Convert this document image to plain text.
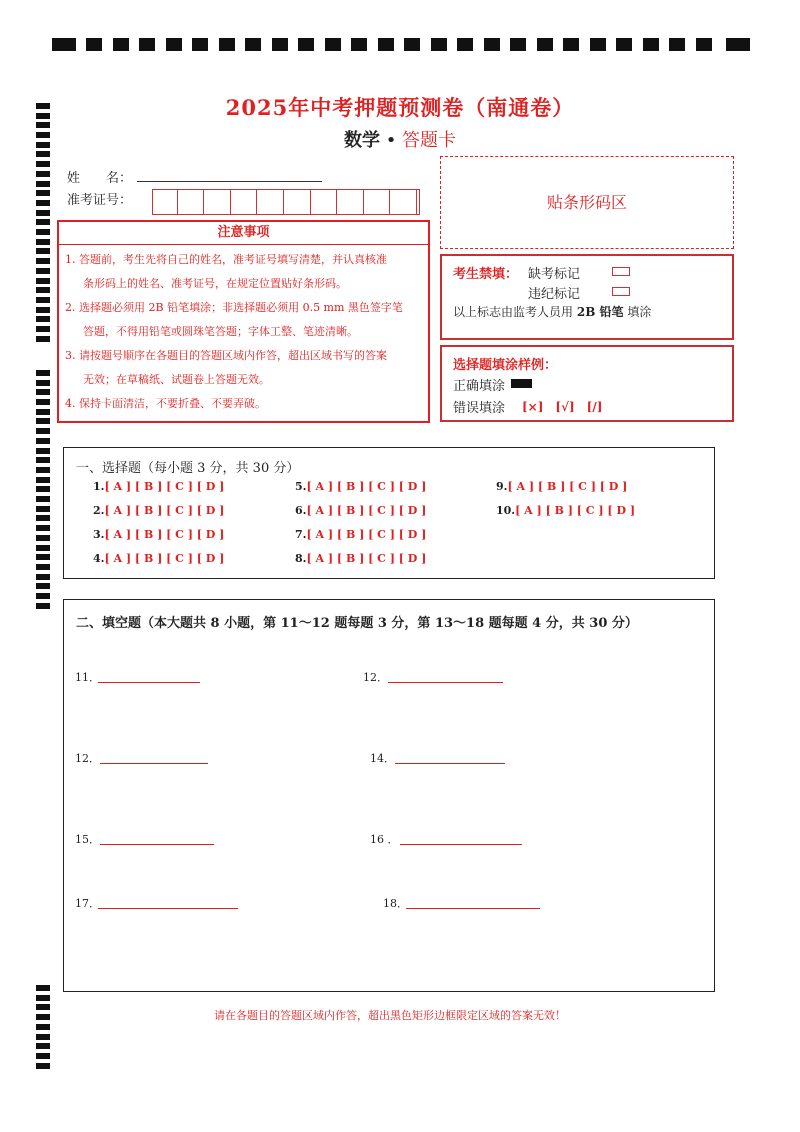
2025年中考押题预测卷（南通卷）
数学 • 答题卡
姓　　名：
准考证号：
注意事项
1. 答题前，考生先将自己的姓名，准考证号填写清楚，并认真核准
条形码上的姓名、准考证号，在规定位置贴好条形码。
2. 选择题必须用 2B 铅笔填涂；非选择题必须用 0.5 mm 黑色签字笔
答题，不得用铅笔或圆珠笔答题；字体工整、笔迹清晰。
3. 请按题号顺序在各题目的答题区域内作答，超出区域书写的答案
无效；在草稿纸、试题卷上答题无效。
4. 保持卡面清洁，不要折叠、不要弄破。
贴条形码区
考生禁填： 缺考标记
违纪标记
以上标志由监考人员用 2B 铅笔 填涂
选择题填涂样例：
正确填涂
错误填涂 [×]　[√]　[/]
一、选择题（每小题 3 分，共 30 分）
1.[ A ] [ B ] [ C ] [ D ]
2.[ A ] [ B ] [ C ] [ D ]
3.[ A ] [ B ] [ C ] [ D ]
4.[ A ] [ B ] [ C ] [ D ]
5.[ A ] [ B ] [ C ] [ D ]
6.[ A ] [ B ] [ C ] [ D ]
7.[ A ] [ B ] [ C ] [ D ]
8.[ A ] [ B ] [ C ] [ D ]
9.[ A ] [ B ] [ C ] [ D ]
10.[ A ] [ B ] [ C ] [ D ]
二、填空题（本大题共 8 小题，第 11～12 题每题 3 分，第 13～18 题每题 4 分，共 30 分）
11．	12．
12．	14．
15．	16 ．
17．	18．
请在各题目的答题区域内作答，超出黑色矩形边框限定区域的答案无效！
